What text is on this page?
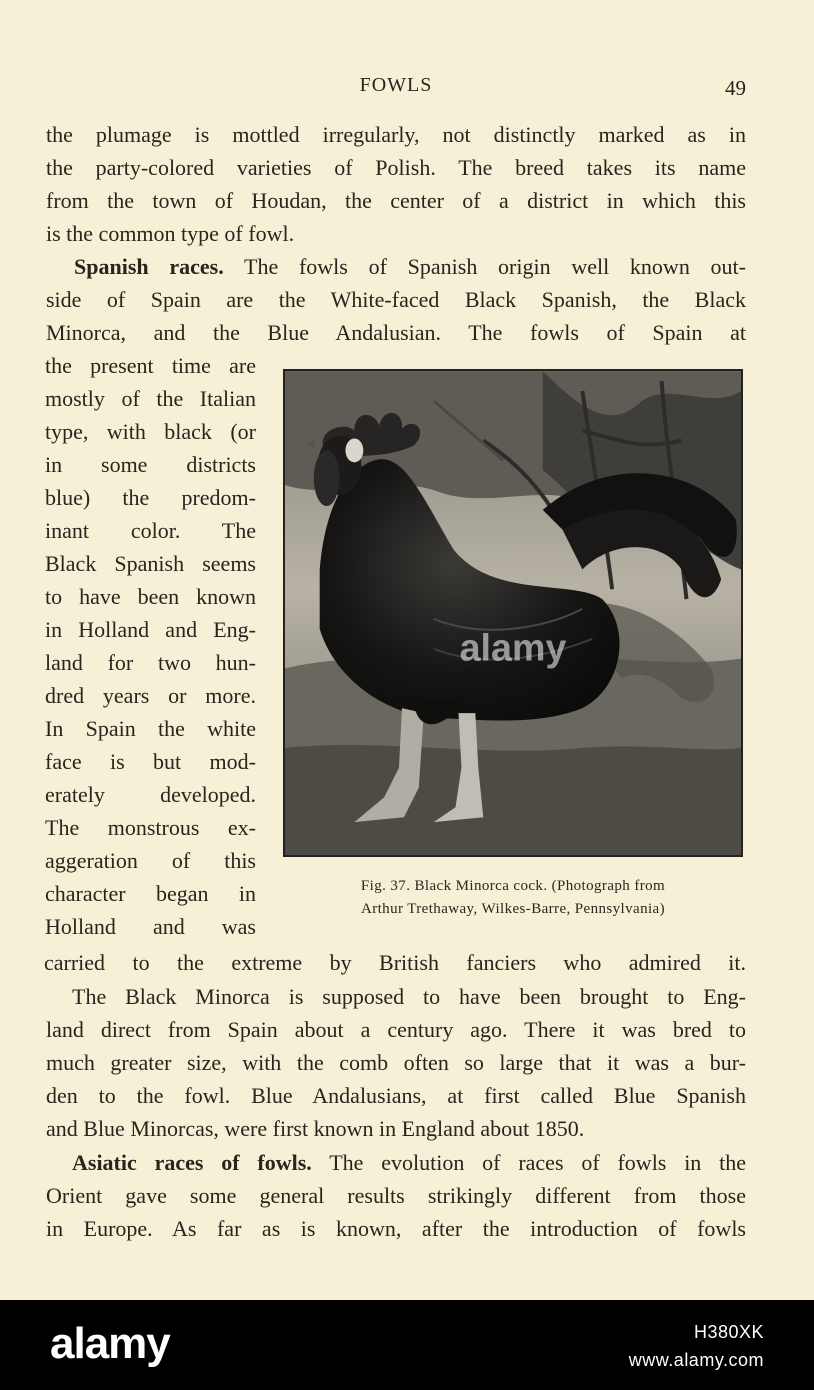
FOWLS	49
the plumage is mottled irregularly, not distinctly marked as in
the party-colored varieties of Polish. The breed takes its name
from the town of Houdan, the center of a district in which this
is the common type of fowl.
Spanish races. The fowls of Spanish origin well known out-
side of Spain are the White-faced Black Spanish, the Black
Minorca, and the Blue Andalusian. The fowls of Spain at
the present time are
mostly of the Italian
type, with black (or
in some districts
blue) the predom-
inant color. The
Black Spanish seems
to have been known
in Holland and Eng-
land for two hun-
dred years or more.
In Spain the white
face is but mod-
erately developed.
The monstrous ex-
aggeration of this
character began in
Holland and was
alamy
Fig. 37. Black Minorca cock. (Photograph from
Arthur Trethaway, Wilkes-Barre, Pennsylvania)
carried to the extreme by British fanciers who admired it.
The Black Minorca is supposed to have been brought to Eng-
land direct from Spain about a century ago. There it was bred to
much greater size, with the comb often so large that it was a bur-
den to the fowl. Blue Andalusians, at first called Blue Spanish
and Blue Minorcas, were first known in England about 1850.
Asiatic races of fowls. The evolution of races of fowls in the
Orient gave some general results strikingly different from those
in Europe. As far as is known, after the introduction of fowls
alamy	H380XK
www.alamy.com
